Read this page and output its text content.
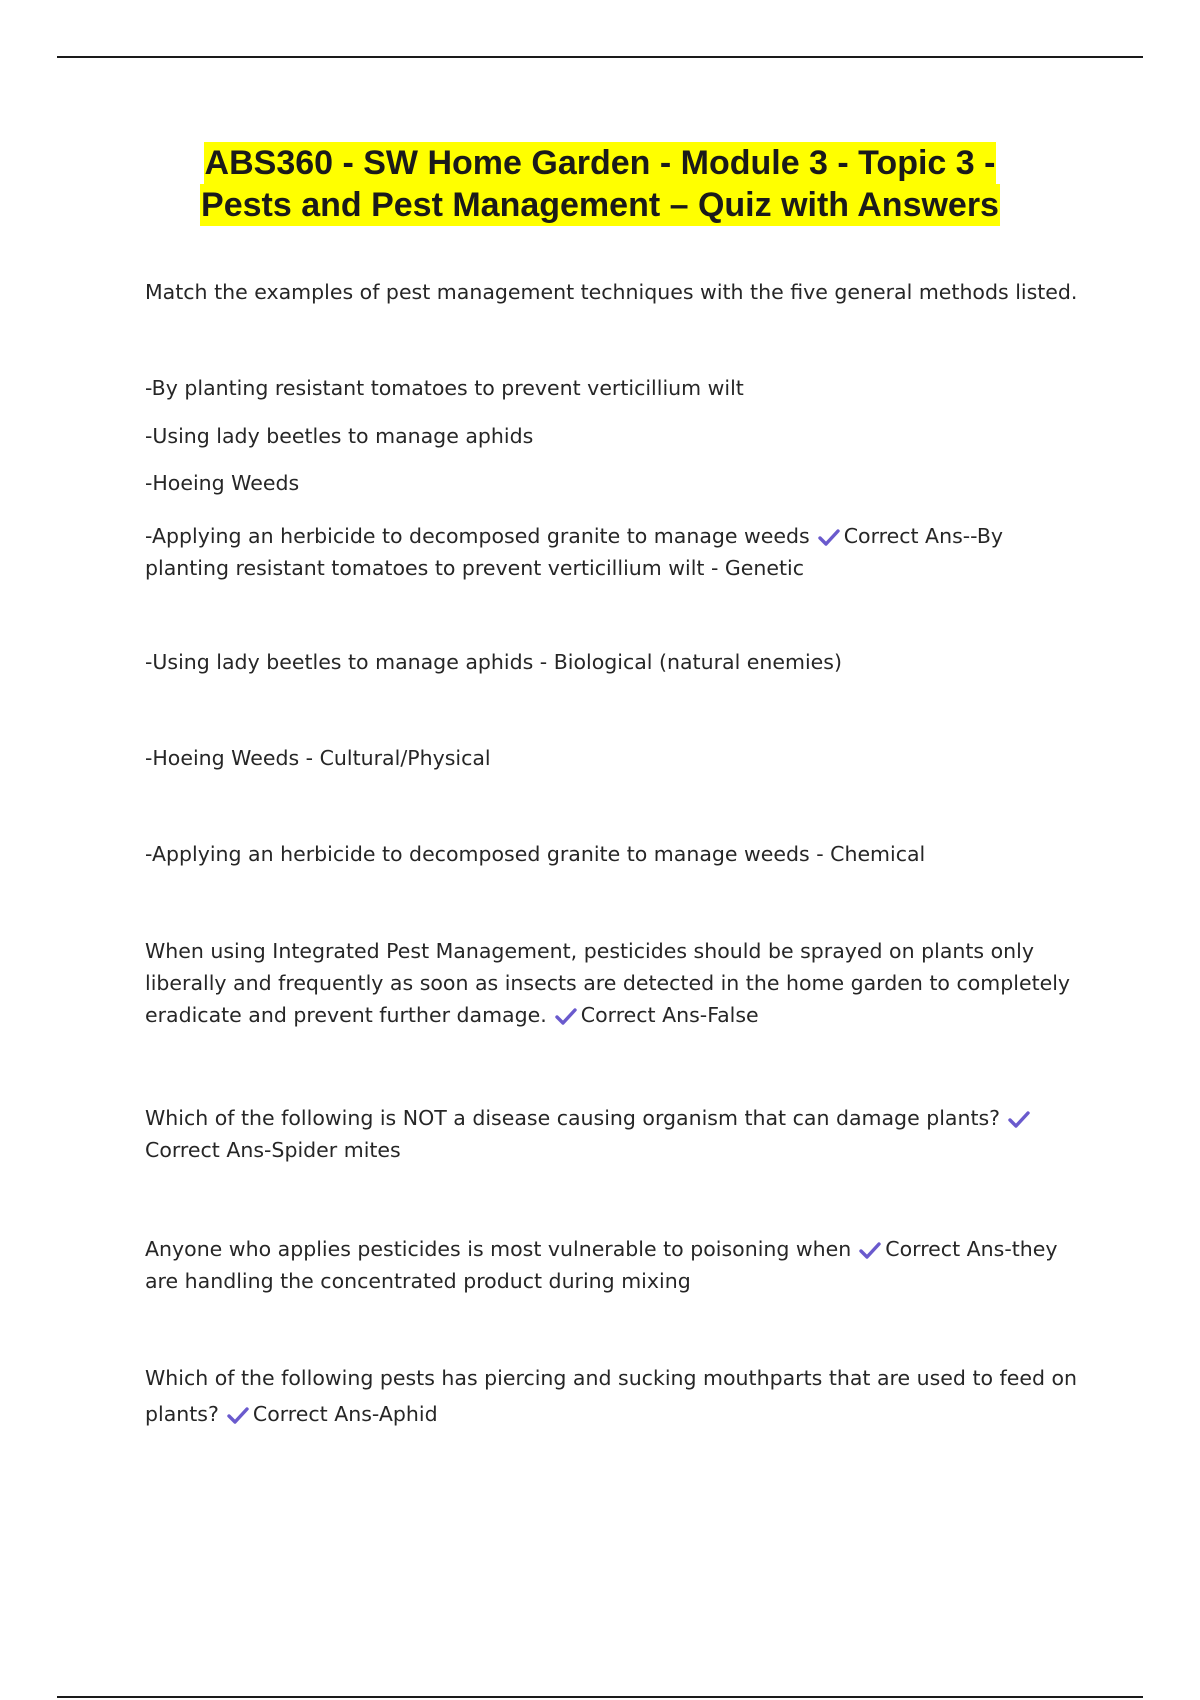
ABS360 - SW Home Garden - Module 3 - Topic 3 -
Pests and Pest Management – Quiz with Answers

Match the examples of pest management techniques with the five general methods listed.

-By planting resistant tomatoes to prevent verticillium wilt

-Using lady beetles to manage aphids

-Hoeing Weeds

-Applying an herbicide to decomposed granite to manage weeds Correct Ans--By planting resistant tomatoes to prevent verticillium wilt - Genetic

-Using lady beetles to manage aphids - Biological (natural enemies)

-Hoeing Weeds - Cultural/Physical

-Applying an herbicide to decomposed granite to manage weeds - Chemical

When using Integrated Pest Management, pesticides should be sprayed on plants only liberally and frequently as soon as insects are detected in the home garden to completely eradicate and prevent further damage. Correct Ans-False

Which of the following is NOT a disease causing organism that can damage plants?
Correct Ans-Spider mites

Anyone who applies pesticides is most vulnerable to poisoning when Correct Ans-they are handling the concentrated product during mixing

Which of the following pests has piercing and sucking mouthparts that are used to feed on plants? Correct Ans-Aphid
